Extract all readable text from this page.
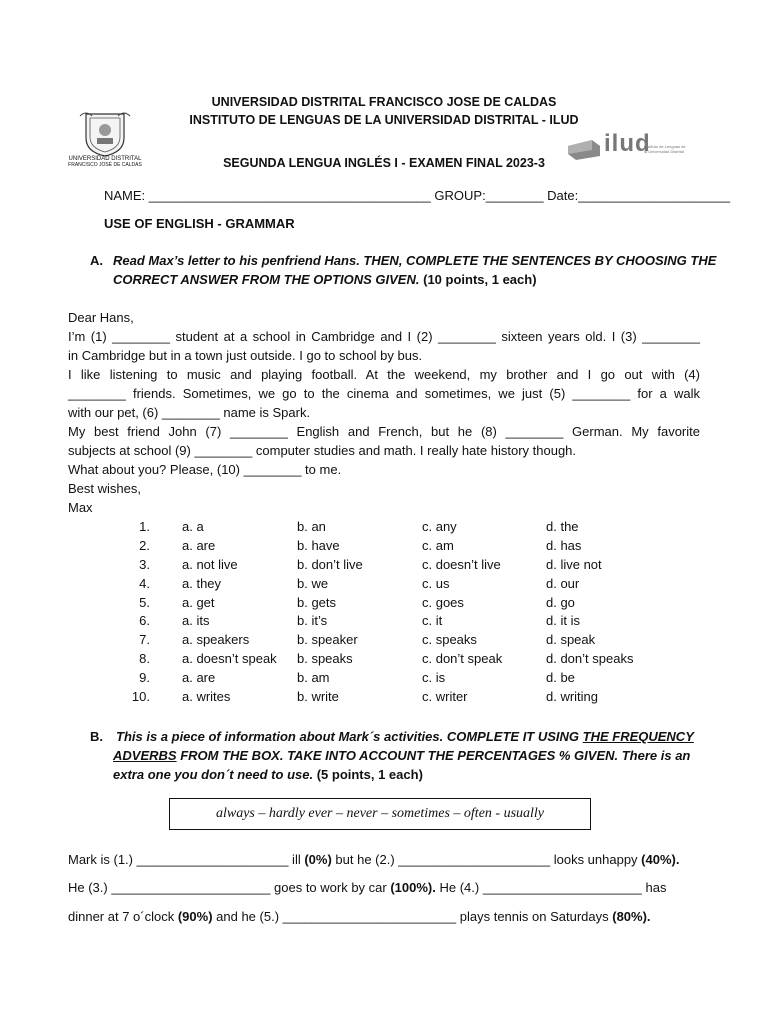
UNIVERSIDAD DISTRITAL
FRANCISCO JOSÉ DE CALDAS
ilud
Instituto de Lenguas de
la Universidad Distrital
UNIVERSIDAD DISTRITAL FRANCISCO JOSE DE CALDAS
INSTITUTO DE LENGUAS DE LA UNIVERSIDAD DISTRITAL - ILUD
SEGUNDA LENGUA INGLÉS I - EXAMEN FINAL 2023-3
NAME: _______________________________________ GROUP:________ Date:_____________________
USE OF ENGLISH - GRAMMAR
A. Read Max’s letter to his penfriend Hans. THEN, COMPLETE THE SENTENCES BY CHOOSING THE
CORRECT ANSWER FROM THE OPTIONS GIVEN. (10 points, 1 each)
Dear Hans,
I’m (1) ________ student at a school in Cambridge and I (2) ________ sixteen years old. I (3) ________
in Cambridge but in a town just outside. I go to school by bus.
I like listening to music and playing football. At the weekend, my brother and I go out with (4)
________ friends. Sometimes, we go to the cinema and sometimes, we just (5) ________ for a walk
with our pet, (6) ________ name is Spark.
My best friend John (7) ________ English and French, but he (8) ________ German. My favorite
subjects at school (9) ________ computer studies and math. I really hate history though.
What about you? Please, (10) ________ to me.
Best wishes,
Max
1.	a. a	b. an	c. any	d. the
2.	a. are	b. have	c. am	d. has
3.	a. not live	b. don’t live	c. doesn’t live	d. live not
4.	a. they	b. we	c. us	d. our
5.	a. get	b. gets	c. goes	d. go
6.	a. its	b. it’s	c. it	d. it is
7.	a. speakers	b. speaker	c. speaks	d. speak
8.	a. doesn’t speak	b. speaks	c. don’t speak	d. don’t speaks
9.	a. are	b. am	c. is	d. be
10.	a. writes	b. write	c. writer	d. writing
B. This is a piece of information about Mark´s activities. COMPLETE IT USING THE FREQUENCY
ADVERBS FROM THE BOX. TAKE INTO ACCOUNT THE PERCENTAGES % GIVEN. There is an
extra one you don´t need to use. (5 points, 1 each)
always – hardly ever – never – sometimes – often - usually
Mark is (1.) _____________________ ill (0%) but he (2.) _____________________ looks unhappy (40%).
He (3.) ______________________ goes to work by car (100%). He (4.) ______________________ has
dinner at 7 o´clock (90%) and he (5.) ________________________ plays tennis on Saturdays (80%).
